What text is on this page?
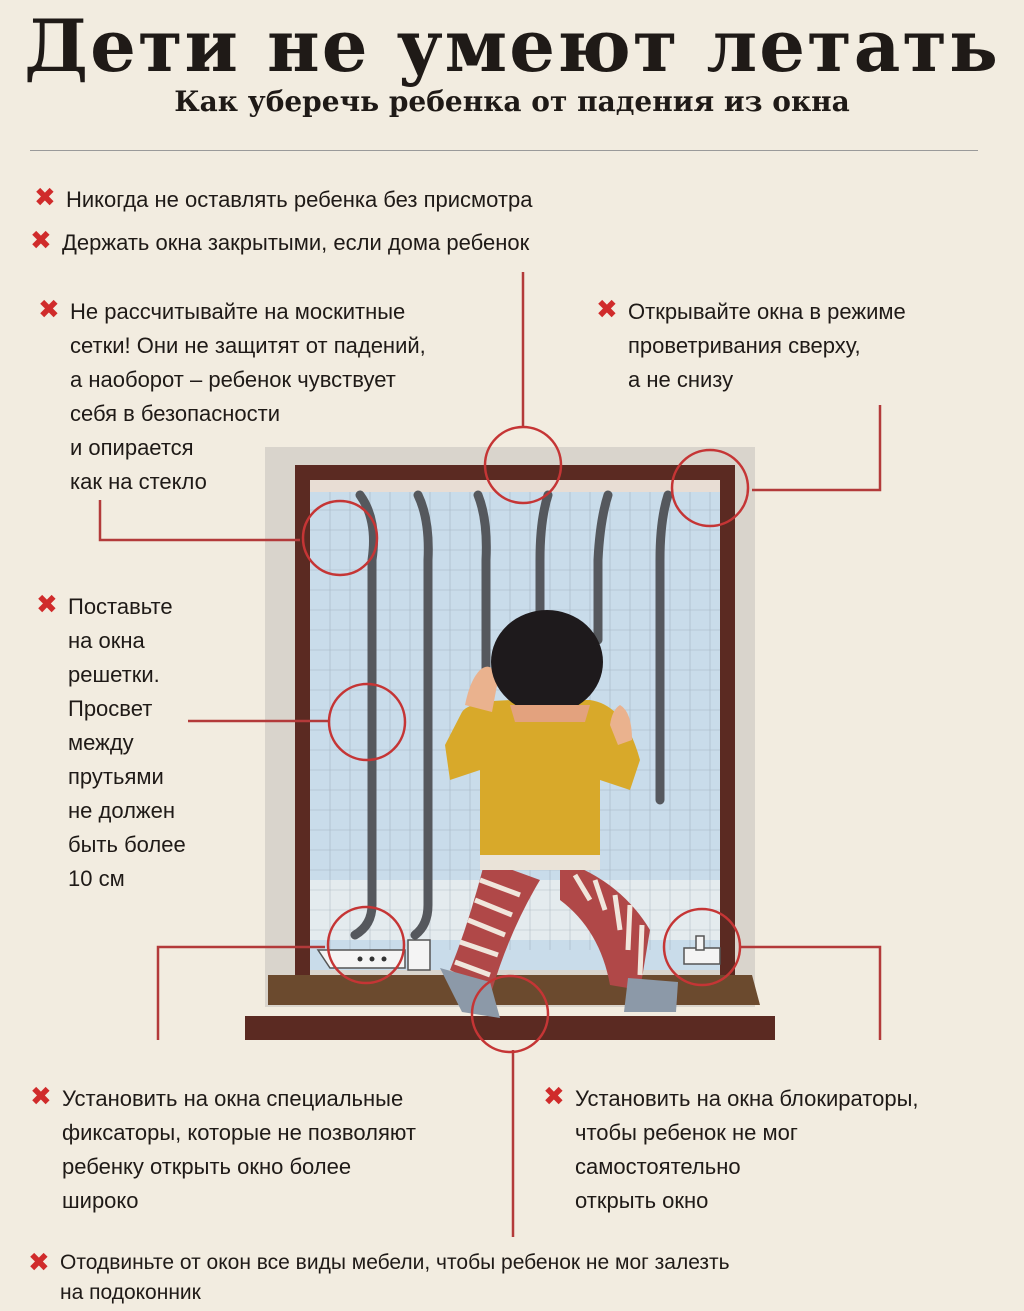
Дети не умеют летать
Как уберечь ребенка от падения из окна
✖ Никогда не оставлять ребенка без присмотра
✖ Держать окна закрытыми, если дома ребенок
✖ Не рассчитывайте на москитные
сетки! Они не защитят от падений,
а наоборот – ребенок чувствует
себя в безопасности
и опирается
как на стекло
✖ Открывайте окна в режиме
проветривания сверху,
а не снизу
✖ Поставьте
на окна
решетки.
Просвет
между
прутьями
не должен
быть более
10 см
✖ Установить на окна специальные
фиксаторы, которые не позволяют
ребенку открыть окно более
широко
✖ Установить на окна блокираторы,
чтобы ребенок не мог
самостоятельно
открыть окно
✖ Отодвиньте от окон все виды мебели, чтобы ребенок не мог залезть
на подоконник
